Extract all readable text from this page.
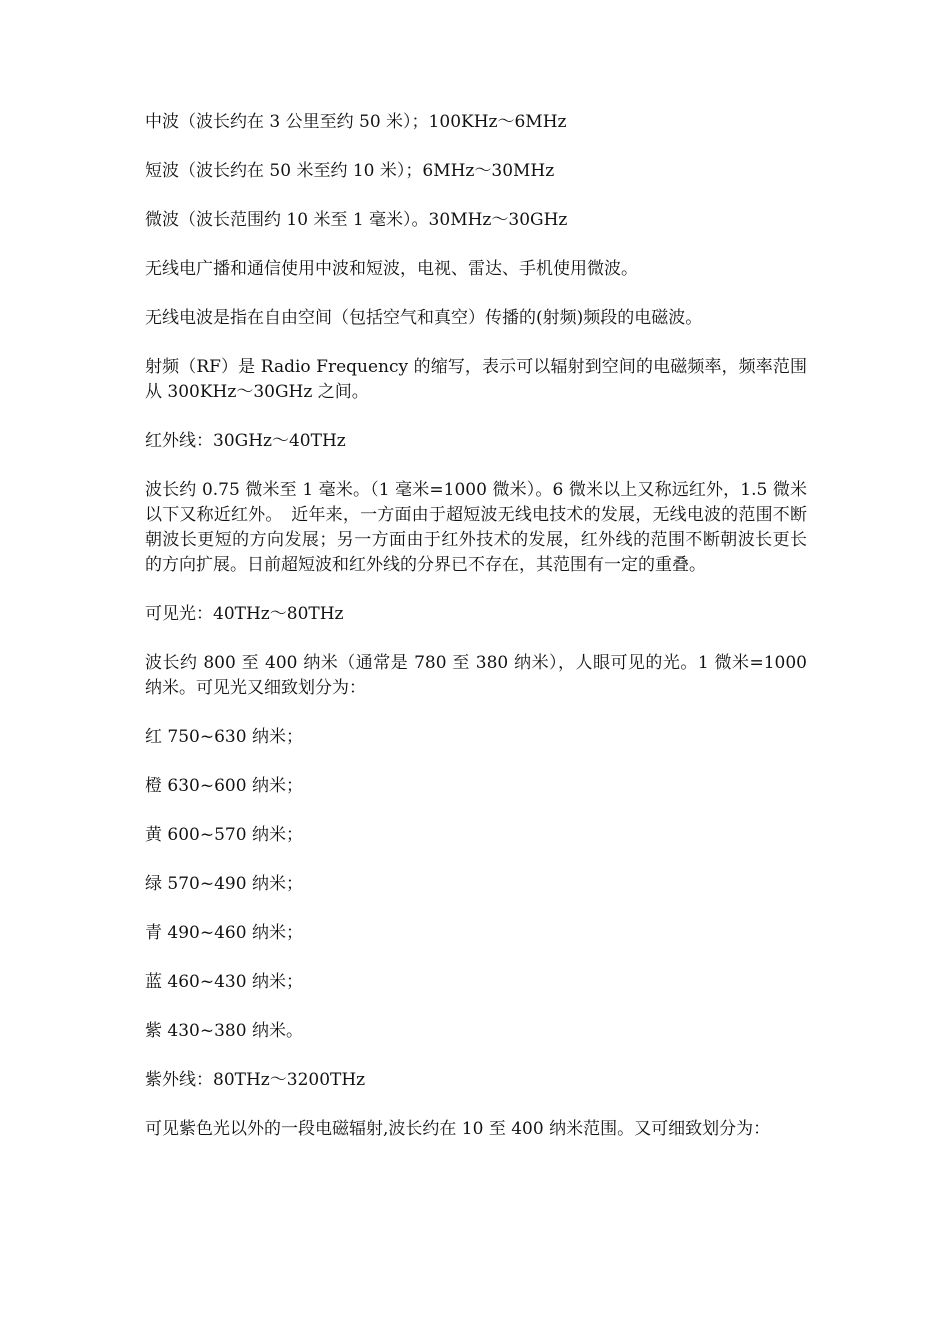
中波（波长约在 3 公里至约 50 米）；100KHz～6MHz

短波（波长约在 50 米至约 10 米）；6MHz～30MHz

微波（波长范围约 10 米至 1 毫米）。30MHz～30GHz

无线电广播和通信使用中波和短波，电视、雷达、手机使用微波。

无线电波是指在自由空间（包括空气和真空）传播的(射频)频段的电磁波。

射频（RF）是 Radio Frequency 的缩写，表示可以辐射到空间的电磁频率，频率范围从 300KHz～30GHz 之间。

红外线：30GHz～40THz

波长约 0.75 微米至 1 毫米。（1 毫米=1000 微米）。6 微米以上又称远红外，1.5 微米以下又称近红外。　近年来，一方面由于超短波无线电技术的发展，无线电波的范围不断朝波长更短的方向发展；另一方面由于红外技术的发展，红外线的范围不断朝波长更长的方向扩展。日前超短波和红外线的分界已不存在，其范围有一定的重叠。

可见光：40THz～80THz

波长约 800 至 400 纳米（通常是 780 至 380 纳米），人眼可见的光。1 微米=1000 纳米。可见光又细致划分为：

红 750~630 纳米；

橙 630~600 纳米；

黄 600~570 纳米；

绿 570~490 纳米；

青 490~460 纳米；

蓝 460~430 纳米；

紫 430~380 纳米。

紫外线：80THz～3200THz

可见紫色光以外的一段电磁辐射,波长约在 10 至 400 纳米范围。又可细致划分为：
